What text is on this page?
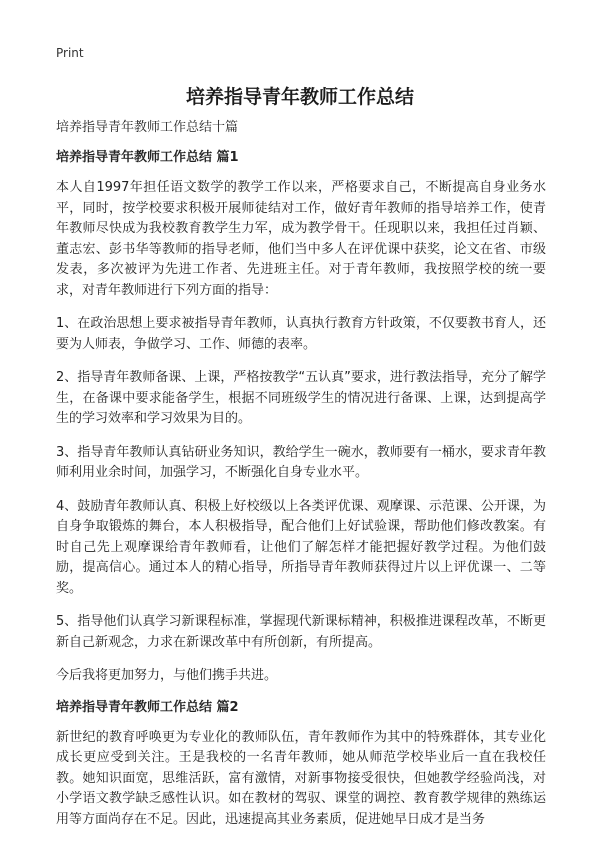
Print
培养指导青年教师工作总结
培养指导青年教师工作总结十篇
培养指导青年教师工作总结 篇1

本人自1997年担任语文数学的教学工作以来，严格要求自己，不断提高自身业务水平，同时，按学校要求积极开展师徒结对工作，做好青年教师的指导培养工作，使青年教师尽快成为我校教育教学生力军，成为教学骨干。任现职以来，我担任过肖颖、董志宏、彭书华等教师的指导老师，他们当中多人在评优课中获奖，论文在省、市级发表，多次被评为先进工作者、先进班主任。对于青年教师，我按照学校的统一要求，对青年教师进行下列方面的指导：

1、在政治思想上要求被指导青年教师，认真执行教育方针政策，不仅要教书育人，还要为人师表，争做学习、工作、师德的表率。

2、指导青年教师备课、上课，严格按教学“五认真”要求，进行教法指导，充分了解学生，在备课中要求能备学生，根据不同班级学生的情况进行备课、上课，达到提高学生的学习效率和学习效果为目的。

3、指导青年教师认真钻研业务知识，教给学生一碗水，教师要有一桶水，要求青年教师利用业余时间，加强学习，不断强化自身专业水平。

4、鼓励青年教师认真、积极上好校级以上各类评优课、观摩课、示范课、公开课，为自身争取锻炼的舞台，本人积极指导，配合他们上好试验课，帮助他们修改教案。有时自己先上观摩课给青年教师看，让他们了解怎样才能把握好教学过程。为他们鼓励，提高信心。通过本人的精心指导，所指导青年教师获得过片以上评优课一、二等奖。

5、指导他们认真学习新课程标准，掌握现代新课标精神，积极推进课程改革，不断更新自己新观念，力求在新课改革中有所创新，有所提高。

今后我将更加努力，与他们携手共进。

培养指导青年教师工作总结 篇2

新世纪的教育呼唤更为专业化的教师队伍，青年教师作为其中的特殊群体，其专业化成长更应受到关注。王是我校的一名青年教师，她从师范学校毕业后一直在我校任教。她知识面宽，思维活跃，富有激情，对新事物接受很快，但她教学经验尚浅，对小学语文教学缺乏感性认识。如在教材的驾驭、课堂的调控、教育教学规律的熟练运用等方面尚存在不足。因此，迅速提高其业务素质，促进她早日成才是当务
